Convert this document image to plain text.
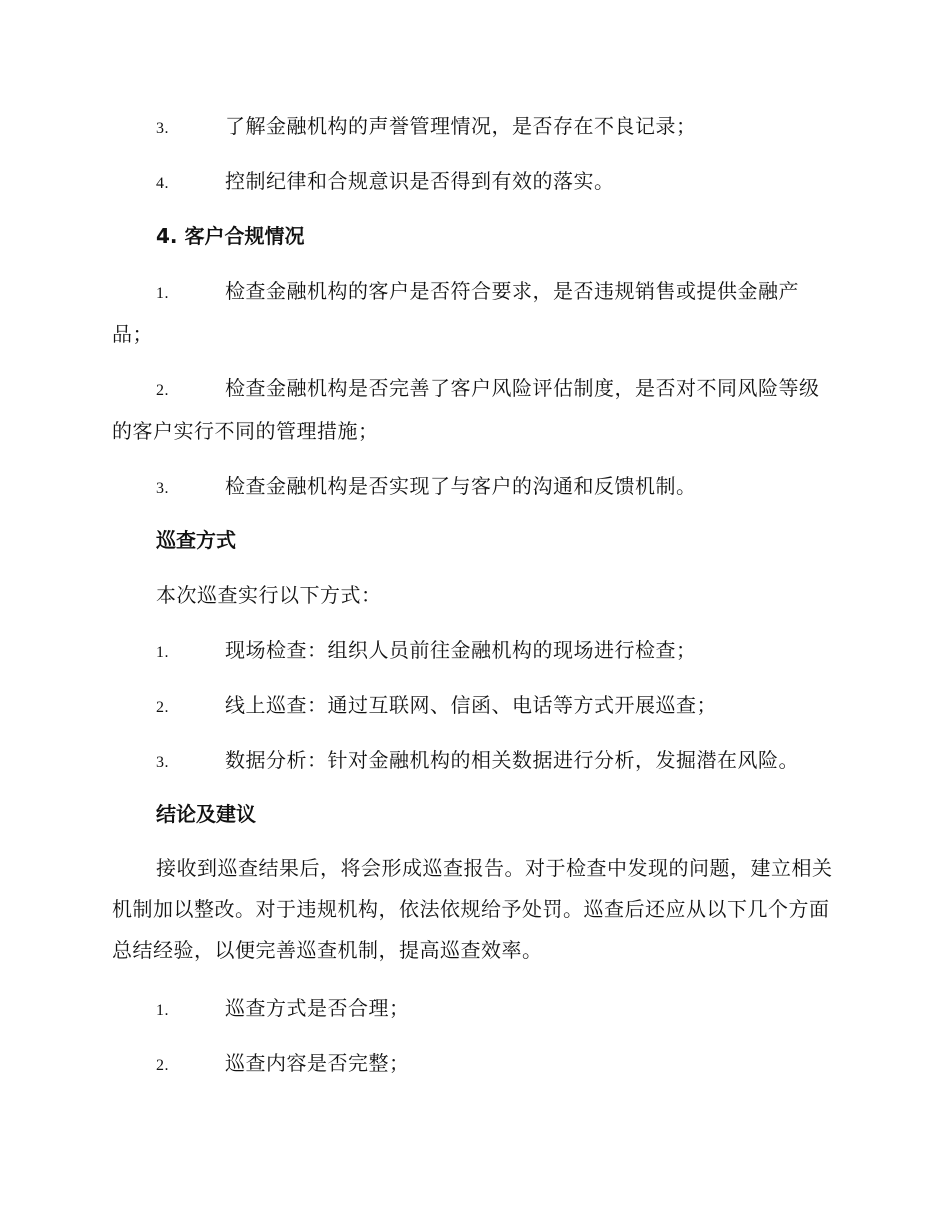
3.	了解金融机构的声誉管理情况，是否存在不良记录；
4.	控制纪律和合规意识是否得到有效的落实。
4. 客户合规情况
1.	检查金融机构的客户是否符合要求，是否违规销售或提供金融产品；
2.	检查金融机构是否完善了客户风险评估制度，是否对不同风险等级的客户实行不同的管理措施；
3.	检查金融机构是否实现了与客户的沟通和反馈机制。
巡查方式
本次巡查实行以下方式：
1.	现场检查：组织人员前往金融机构的现场进行检查；
2.	线上巡查：通过互联网、信函、电话等方式开展巡查；
3.	数据分析：针对金融机构的相关数据进行分析，发掘潜在风险。
结论及建议
接收到巡查结果后，将会形成巡查报告。对于检查中发现的问题，建立相关机制加以整改。对于违规机构，依法依规给予处罚。巡查后还应从以下几个方面总结经验，以便完善巡查机制，提高巡查效率。
1.	巡查方式是否合理；
2.	巡查内容是否完整；
